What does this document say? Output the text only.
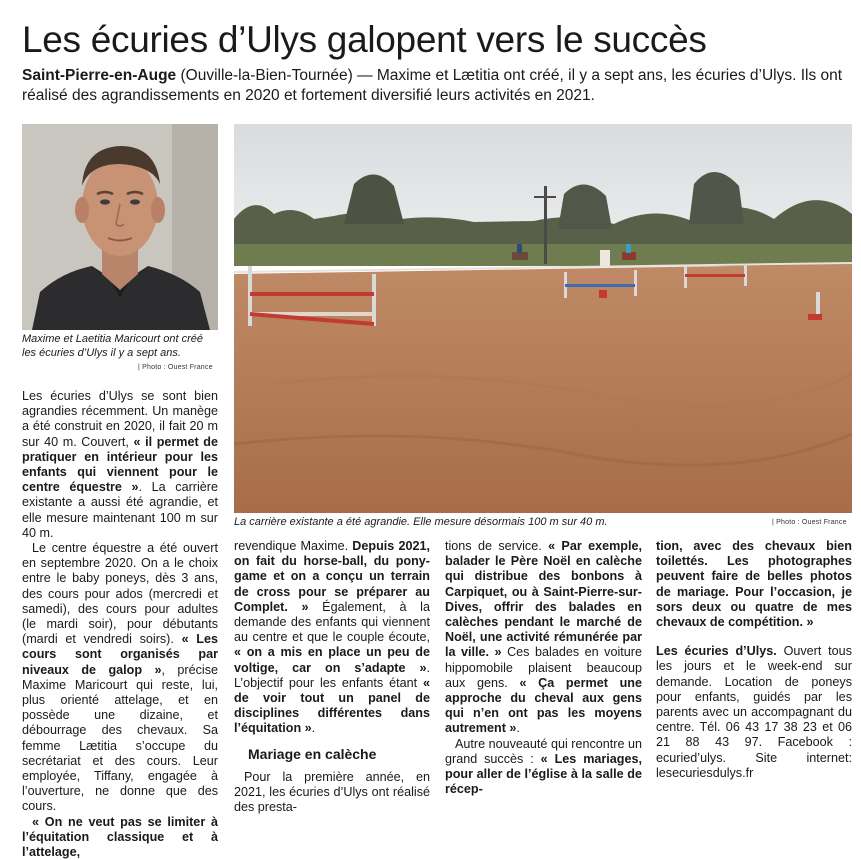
Les écuries d’Ulys galopent vers le succès

Saint-Pierre-en-Auge (Ouville-la-Bien-Tournée) — Maxime et Lætitia ont créé, il y a sept ans, les écuries d’Ulys. Ils ont réalisé des agrandissements en 2020 et fortement diversifié leurs activités en 2021.

Maxime et Laetitia Maricourt ont créé les écuries d’Ulys il y a sept ans.

| Photo : Ouest France

La carrière existante a été agrandie. Elle mesure désormais 100 m sur 40 m.	| Photo : Ouest France

Les écuries d’Ulys se sont bien agrandies récemment. Un manège a été construit en 2020, il fait 20 m sur 40 m. Couvert, « il permet de pratiquer en intérieur pour les enfants qui viennent pour le centre équestre ». La carrière existante a aussi été agrandie, et elle mesure maintenant 100 m sur 40 m.

Le centre équestre a été ouvert en septembre 2020. On a le choix entre le baby poneys, dès 3 ans, des cours pour ados (mercredi et samedi), des cours pour adultes (le mardi soir), pour débutants (mardi et vendredi soirs). « Les cours sont organisés par niveaux de galop », précise Maxime Maricourt qui reste, lui, plus orienté attelage, et en possède une dizaine, et débourrage des chevaux. Sa femme Lætitia s’occupe du secrétariat et des cours. Leur employée, Tiffany, engagée à l’ouverture, ne donne que des cours.

« On ne veut pas se limiter à l’équitation classique et à l’attelage,

revendique Maxime. Depuis 2021, on fait du horse-ball, du pony-game et on a conçu un terrain de cross pour se préparer au Complet. » Également, à la demande des enfants qui viennent au centre et que le couple écoute, « on a mis en place un peu de voltige, car on s’adapte ». L’objectif pour les enfants étant « de voir tout un panel de disciplines différentes dans l’équitation ».

Mariage en calèche

Pour la première année, en 2021, les écuries d’Ulys ont réalisé des presta-

tions de service. « Par exemple, balader le Père Noël en calèche qui distribue des bonbons à Carpiquet, ou à Saint-Pierre-sur-Dives, offrir des balades en calèches pendant le marché de Noël, une activité rémunérée par la ville. » Ces balades en voiture hippomobile plaisent beaucoup aux gens. « Ça permet une approche du cheval aux gens qui n’en ont pas les moyens autrement ».

Autre nouveauté qui rencontre un grand succès : « Les mariages, pour aller de l’église à la salle de récep-

tion, avec des chevaux bien toilettés. Les photographes peuvent faire de belles photos de mariage. Pour l’occasion, je sors deux ou quatre de mes chevaux de compétition. »

Les écuries d’Ulys. Ouvert tous les jours et le week-end sur demande. Location de poneys pour enfants, guidés par les parents avec un accompagnant du centre. Tél. 06 43 17 38 23 et 06 21 88 43 97. Facebook : ecuried’ulys. Site internet: lesecuriesdulys.fr
